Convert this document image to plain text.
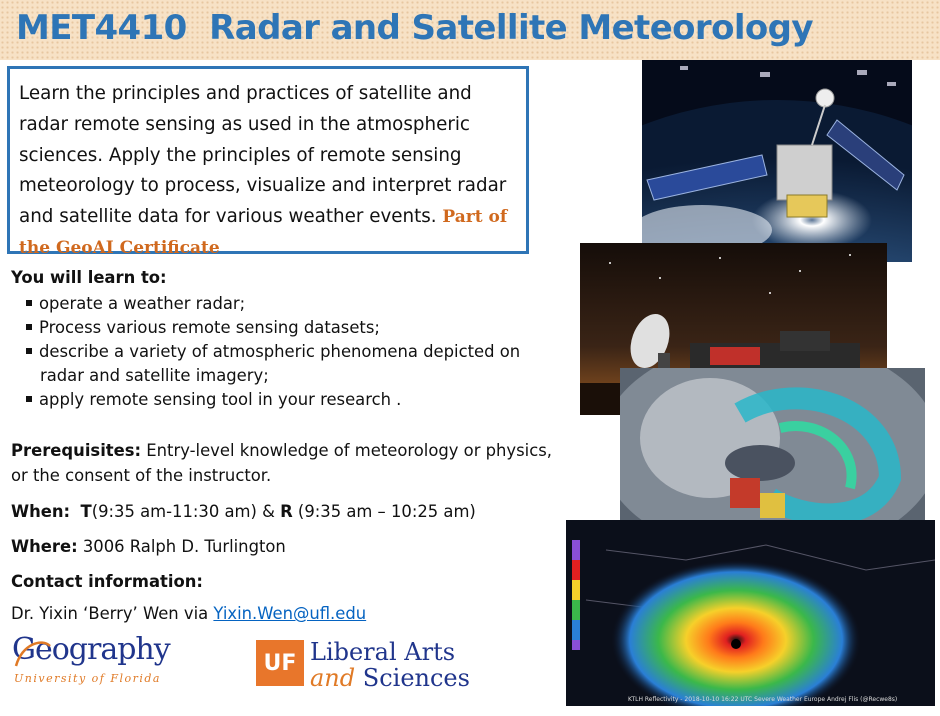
MET4410  Radar and Satellite Meteorology
Learn the principles and practices of satellite and radar remote sensing as used in the atmospheric sciences. Apply the principles of remote sensing meteorology to process, visualize and interpret radar and satellite data for various weather events. Part of the GeoAI Certificate
You will learn to:
operate a weather radar;
Process various remote sensing datasets;
describe a variety of atmospheric phenomena depicted on
radar and satellite imagery;
apply remote sensing tool in your research .
Prerequisites: Entry-level knowledge of meteorology or physics,
or the consent of the instructor.
When: T(9:35 am-11:30 am) & R (9:35 am – 10:25 am)
Where: 3006 Ralph D. Turlington
Contact information:
Dr. Yixin ‘Berry’ Wen via Yixin.Wen@ufl.edu
Geography
University of Florida
UF Liberal Arts
and Sciences
KTLH Reflectivity - 2018-10-10 16:22 UTC Severe Weather Europe Andrej Flis (@Recwe8s)
